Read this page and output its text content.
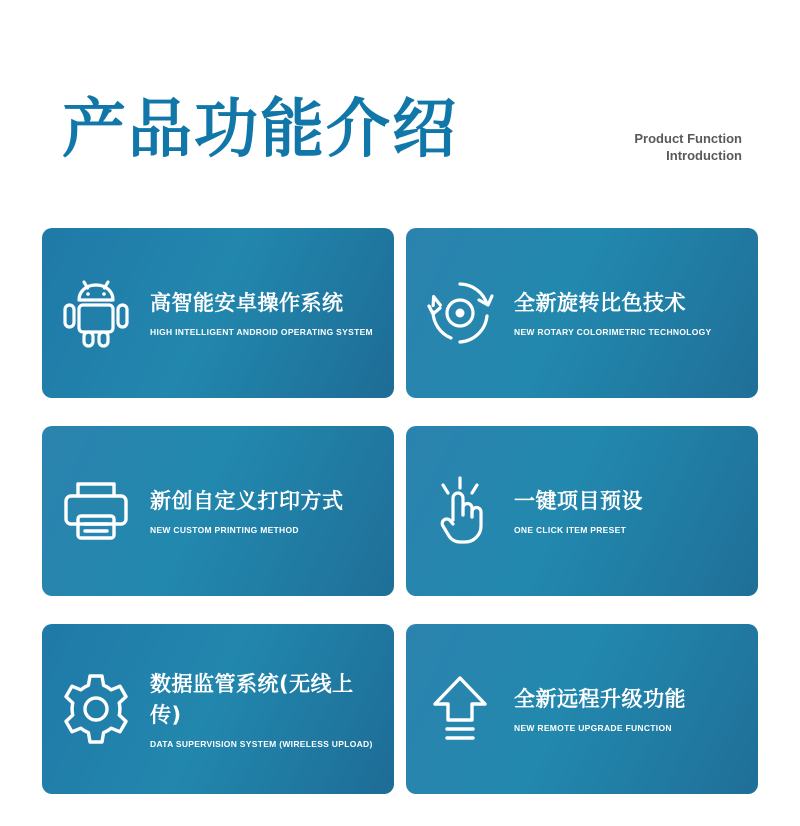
产品功能介绍	Product Function
Introduction
高智能安卓操作系统
HIGH INTELLIGENT ANDROID OPERATING SYSTEM
全新旋转比色技术
NEW ROTARY COLORIMETRIC TECHNOLOGY
新创自定义打印方式
NEW CUSTOM PRINTING METHOD
一键项目预设
ONE CLICK ITEM PRESET
数据监管系统(无线上传)
DATA SUPERVISION SYSTEM (WIRELESS UPLOAD)
全新远程升级功能
NEW REMOTE UPGRADE FUNCTION
